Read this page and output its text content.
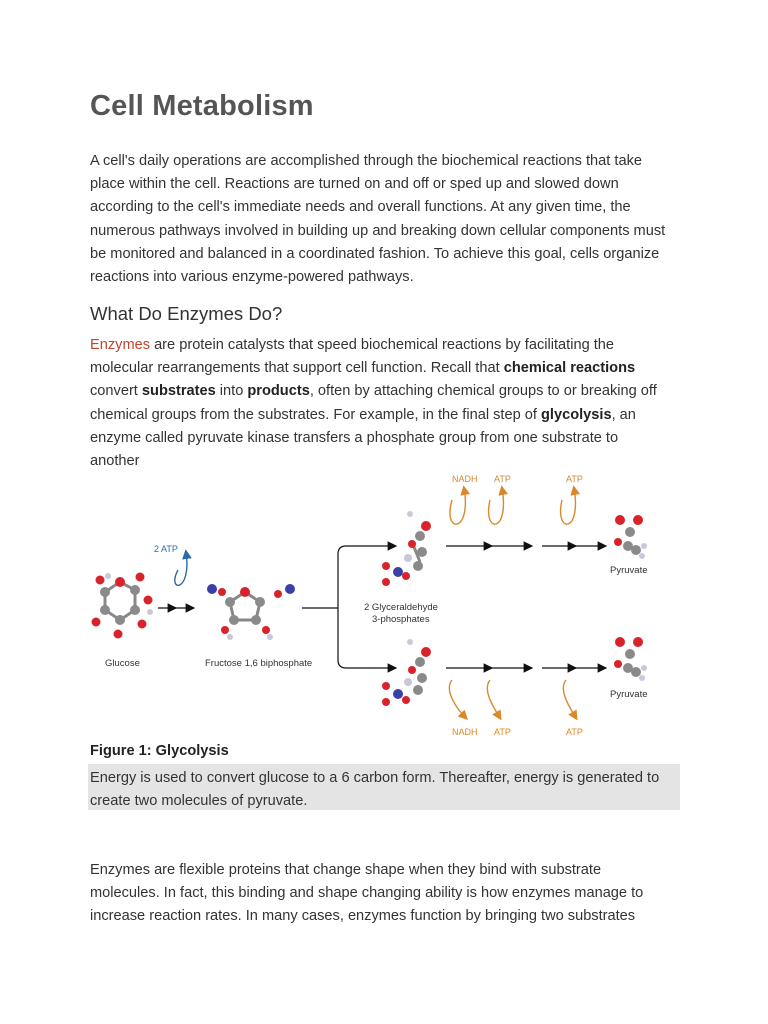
Cell Metabolism

A cell's daily operations are accomplished through the biochemical reactions that take place within the cell. Reactions are turned on and off or sped up and slowed down according to the cell's immediate needs and overall functions. At any given time, the numerous pathways involved in building up and breaking down cellular components must be monitored and balanced in a coordinated fashion. To achieve this goal, cells organize reactions into various enzyme-powered pathways.

What Do Enzymes Do?

Enzymes are protein catalysts that speed biochemical reactions by facilitating the molecular rearrangements that support cell function. Recall that chemical reactions convert substrates into products, often by attaching chemical groups to or breaking off chemical groups from the substrates. For example, in the final step of glycolysis, an enzyme called pyruvate kinase transfers a phosphate group from one substrate to another

Figure 1: Glycolysis

Energy is used to convert glucose to a 6 carbon form. Thereafter, energy is generated to create two molecules of pyruvate.

Enzymes are flexible proteins that change shape when they bind with substrate molecules. In fact, this binding and shape changing ability is how enzymes manage to increase reaction rates. In many cases, enzymes function by bringing two substrates

Glucose
2 ATP
Fructose 1,6 biphosphate
2 Glyceraldehyde
3-phosphates
NADH ATP	ATP
NADH ATP	ATP
Pyruvate
Pyruvate
